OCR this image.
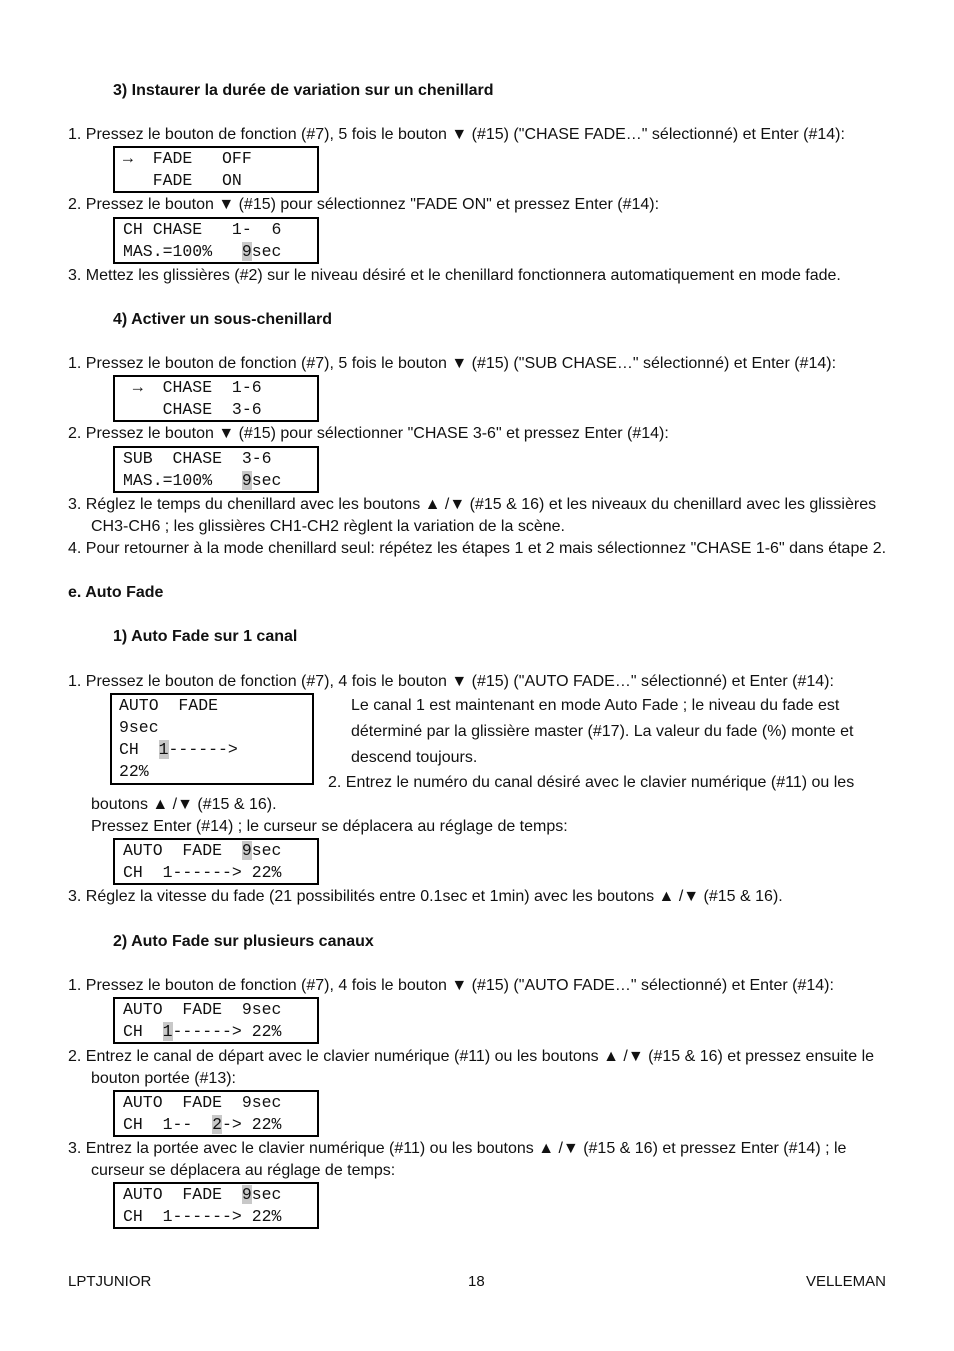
3) Instaurer la durée de variation sur un chenillard
1. Pressez le bouton de fonction (#7), 5 fois le bouton ▼ (#15) ("CHASE FADE…" sélectionné) et Enter (#14):
→  FADE   OFF
FADE   ON
2. Pressez le bouton ▼ (#15) pour sélectionnez "FADE ON" et pressez Enter (#14):
CH CHASE   1-  6
MAS.=100%   9sec
3. Mettez les glissières (#2) sur le niveau désiré et le chenillard fonctionnera automatiquement en mode fade.
4) Activer un sous-chenillard
1. Pressez le bouton de fonction (#7), 5 fois le bouton ▼ (#15) ("SUB CHASE…" sélectionné) et Enter (#14):
→  CHASE  1-6
CHASE  3-6
2. Pressez le bouton ▼ (#15) pour sélectionner "CHASE 3-6" et pressez Enter (#14):
SUB  CHASE  3-6
MAS.=100%   9sec
3. Réglez le temps du chenillard avec les boutons ▲ /▼ (#15 & 16) et les niveaux du chenillard avec les glissières
CH3-CH6 ; les glissières CH1-CH2 règlent la variation de la scène.
4. Pour retourner à la mode chenillard seul: répétez les étapes 1 et 2 mais sélectionnez "CHASE 1-6" dans étape 2.
e. Auto Fade
1) Auto Fade sur 1 canal
1. Pressez le bouton de fonction (#7), 4 fois le bouton ▼ (#15) ("AUTO FADE…" sélectionné) et Enter (#14):
AUTO  FADE
9sec
CH  1------>
22%
Le canal 1 est maintenant en mode Auto Fade ; le niveau du fade est
déterminé par la glissière master (#17). La valeur du fade (%) monte et
descend toujours.
2. Entrez le numéro du canal désiré avec le clavier numérique (#11) ou les
boutons ▲ /▼ (#15 & 16).
Pressez Enter (#14) ; le curseur se déplacera au réglage de temps:
AUTO  FADE  9sec
CH  1------> 22%
3. Réglez la vitesse du fade (21 possibilités entre 0.1sec et 1min) avec les boutons ▲ /▼ (#15 & 16).
2) Auto Fade sur plusieurs canaux
1. Pressez le bouton de fonction (#7), 4 fois le bouton ▼ (#15) ("AUTO FADE…" sélectionné) et Enter (#14):
AUTO  FADE  9sec
CH  1------> 22%
2. Entrez le canal de départ avec le clavier numérique (#11) ou les boutons ▲ /▼ (#15 & 16) et pressez ensuite le
bouton portée (#13):
AUTO  FADE  9sec
CH  1--  2-> 22%
3. Entrez la portée avec le clavier numérique (#11) ou les boutons ▲ /▼ (#15 & 16) et pressez Enter (#14) ; le
curseur se déplacera au réglage de temps:
AUTO  FADE  9sec
CH  1------> 22%
LPTJUNIOR	18	VELLEMAN
